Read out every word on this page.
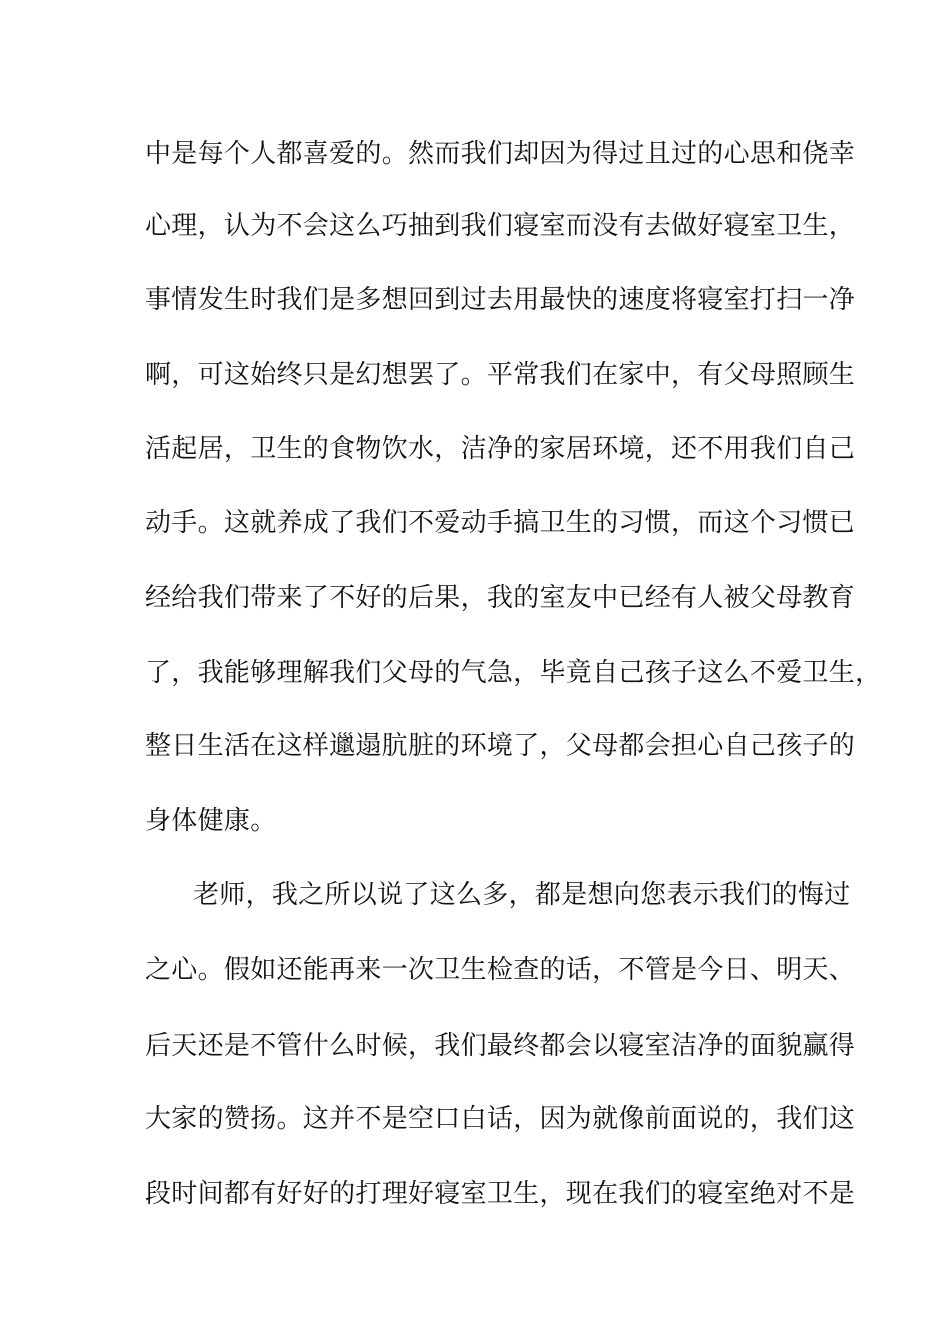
中是每个人都喜爱的。然而我们却因为得过且过的心思和侥幸

心理，认为不会这么巧抽到我们寝室而没有去做好寝室卫生，

事情发生时我们是多想回到过去用最快的速度将寝室打扫一净

啊，可这始终只是幻想罢了。平常我们在家中，有父母照顾生

活起居，卫生的食物饮水，洁净的家居环境，还不用我们自己

动手。这就养成了我们不爱动手搞卫生的习惯，而这个习惯已

经给我们带来了不好的后果，我的室友中已经有人被父母教育

了，我能够理解我们父母的气急，毕竟自己孩子这么不爱卫生，

整日生活在这样邋遢肮脏的环境了，父母都会担心自己孩子的

身体健康。

老师，我之所以说了这么多，都是想向您表示我们的悔过

之心。假如还能再来一次卫生检查的话，不管是今日、明天、

后天还是不管什么时候，我们最终都会以寝室洁净的面貌赢得

大家的赞扬。这并不是空口白话，因为就像前面说的，我们这

段时间都有好好的打理好寝室卫生，现在我们的寝室绝对不是
